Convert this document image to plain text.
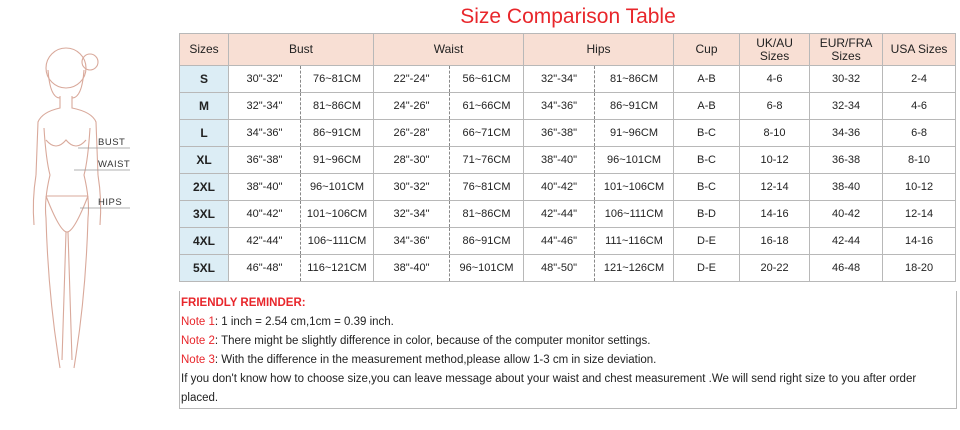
BUST
WAIST
HIPS
Size Comparison Table
Sizes	Bust		Waist		Hips		Cup	UK/AU Sizes	EUR/FRA Sizes	USA Sizes
S	30"-32"	76~81CM	22"-24"	56~61CM	32"-34"	81~86CM	A-B	4-6	30-32	2-4
M	32"-34"	81~86CM	24"-26"	61~66CM	34"-36"	86~91CM	A-B	6-8	32-34	4-6
L	34"-36"	86~91CM	26"-28"	66~71CM	36"-38"	91~96CM	B-C	8-10	34-36	6-8
XL	36"-38"	91~96CM	28"-30"	71~76CM	38"-40"	96~101CM	B-C	10-12	36-38	8-10
2XL	38"-40"	96~101CM	30"-32"	76~81CM	40"-42"	101~106CM	B-C	12-14	38-40	10-12
3XL	40"-42"	101~106CM	32"-34"	81~86CM	42"-44"	106~111CM	B-D	14-16	40-42	12-14
4XL	42"-44"	106~111CM	34"-36"	86~91CM	44"-46"	111~116CM	D-E	16-18	42-44	14-16
5XL	46"-48"	116~121CM	38"-40"	96~101CM	48"-50"	121~126CM	D-E	20-22	46-48	18-20
FRIENDLY REMINDER:
Note 1: 1 inch = 2.54 cm,1cm = 0.39 inch.
Note 2: There might be slightly difference in color, because of the computer monitor settings.
Note 3: With the difference in the measurement method,please allow 1-3 cm in size deviation.
If you don't know how to choose size,you can leave message about your waist and chest measurement .We will send right size to you after order placed.
